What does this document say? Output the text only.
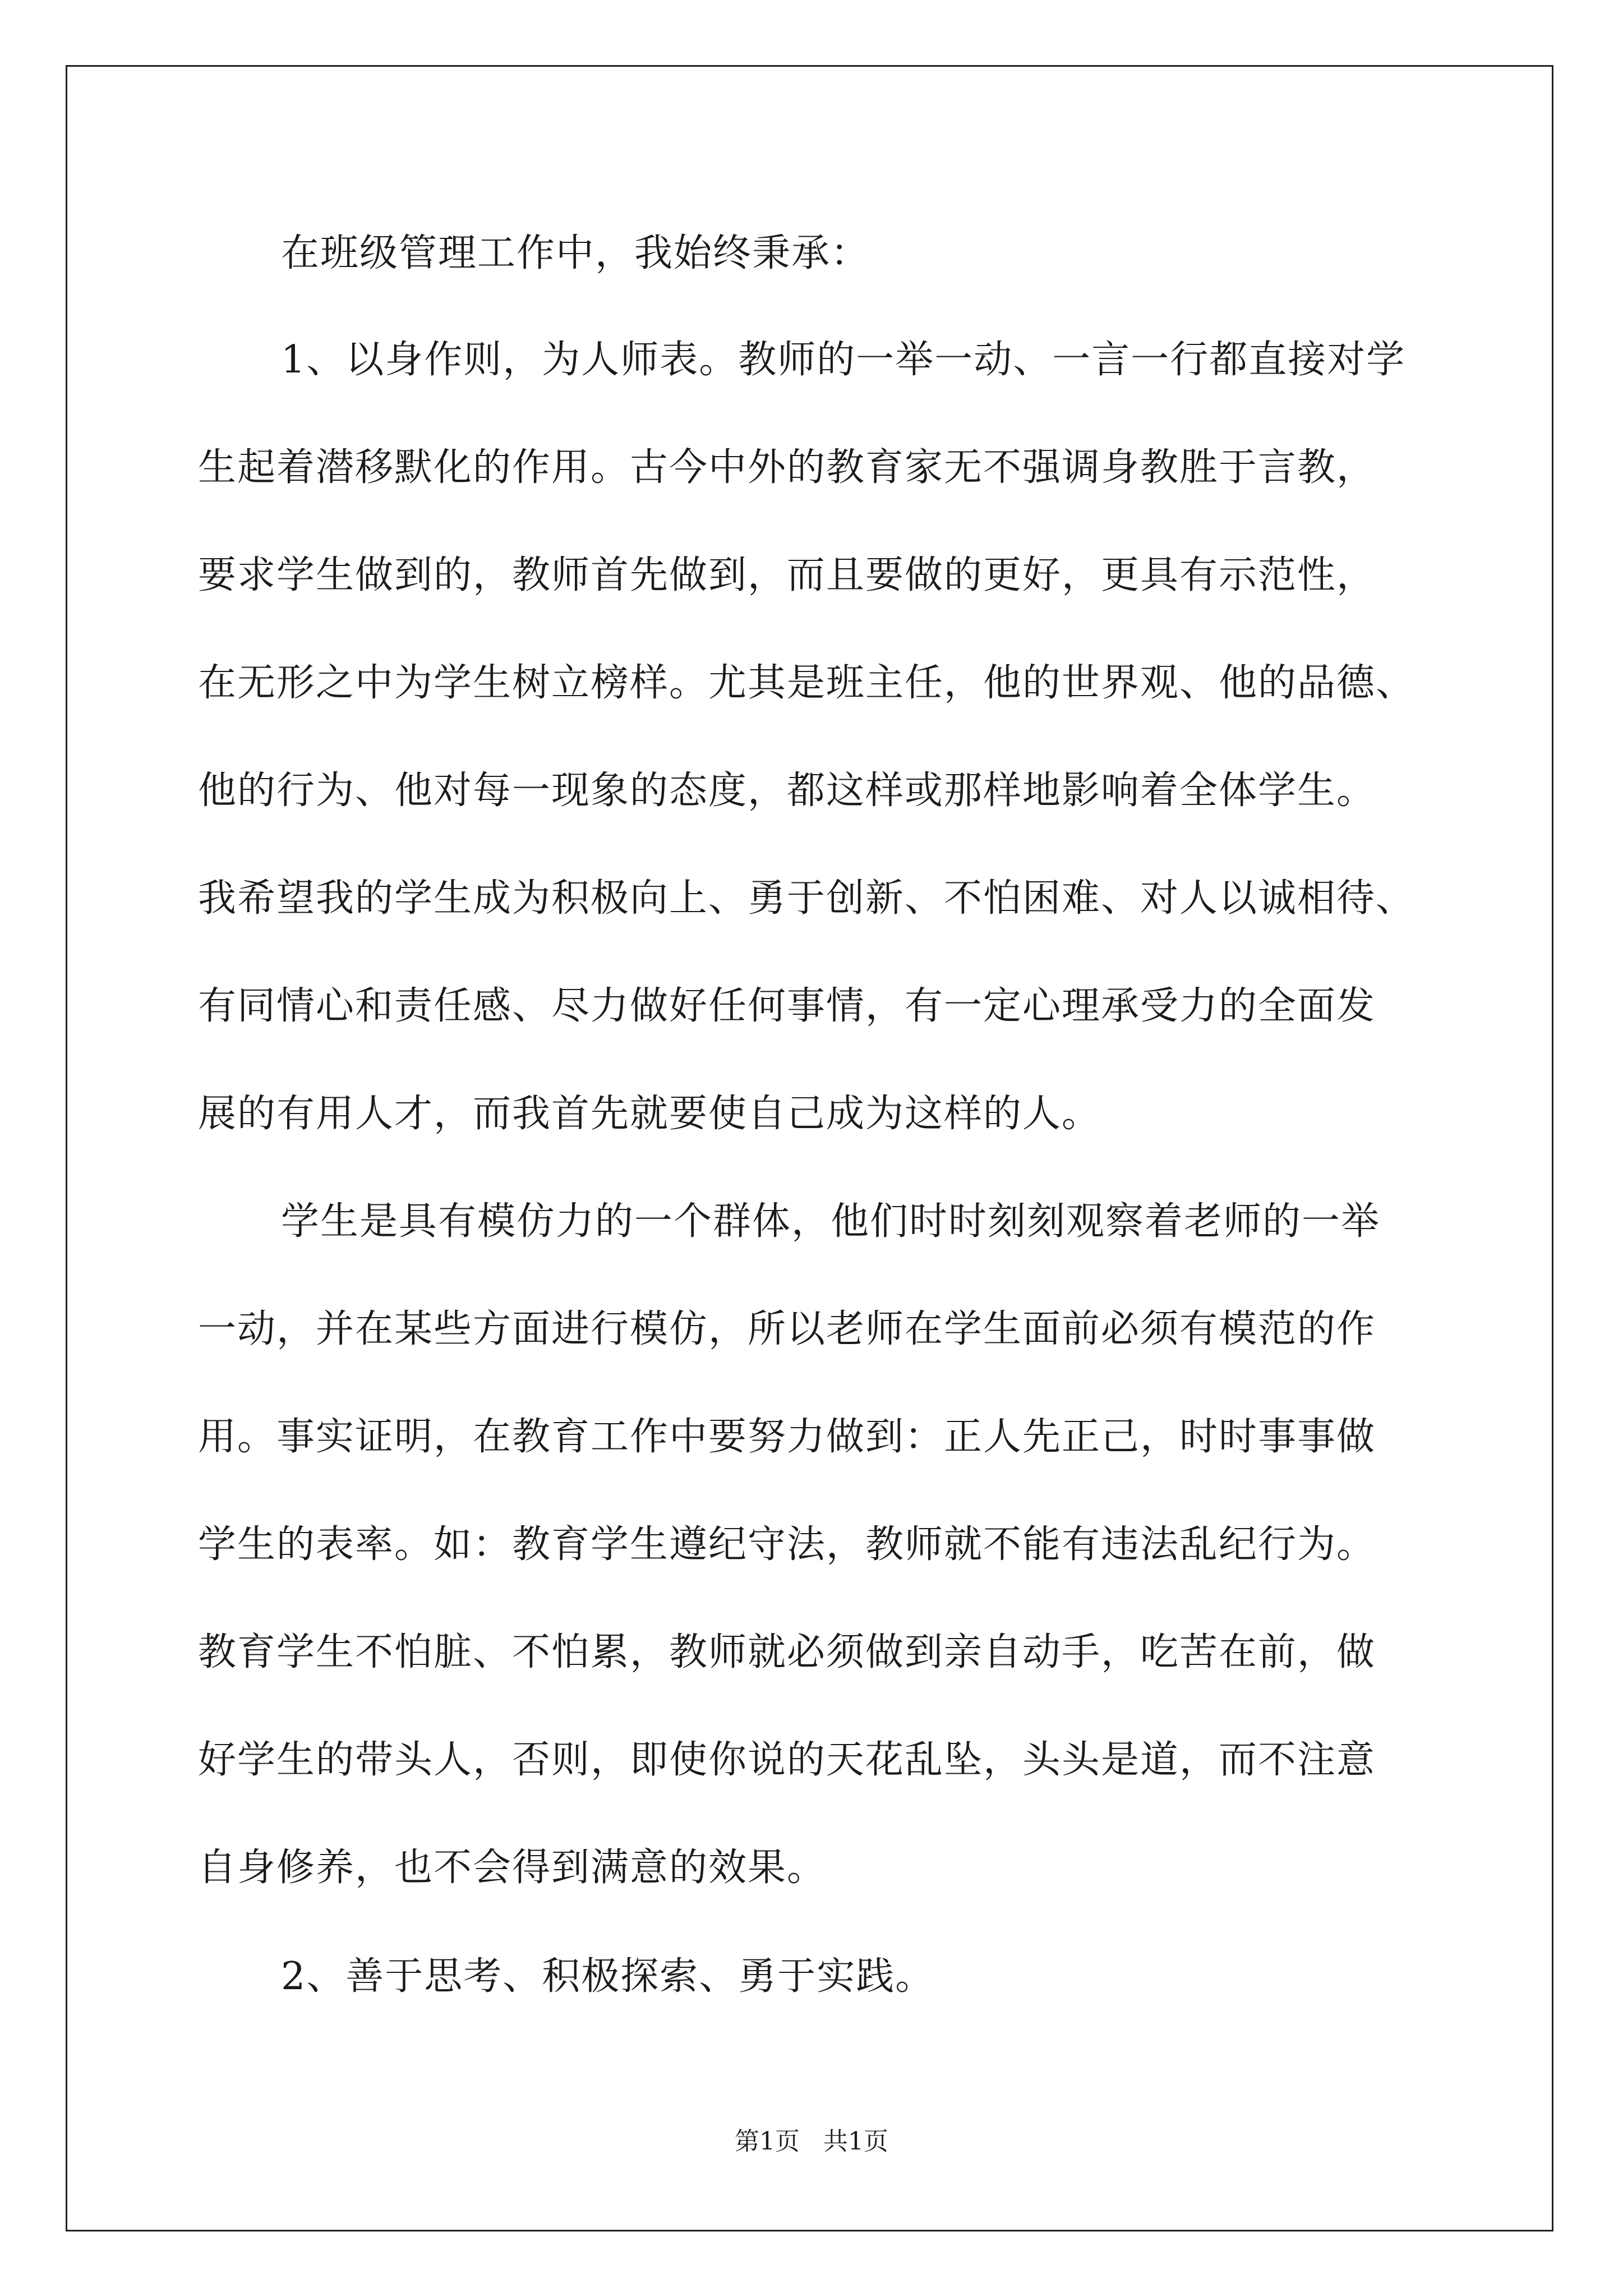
在班级管理工作中，我始终秉承：
1、以身作则，为人师表。教师的一举一动、一言一行都直接对学
生起着潜移默化的作用。古今中外的教育家无不强调身教胜于言教，
要求学生做到的，教师首先做到，而且要做的更好，更具有示范性，
在无形之中为学生树立榜样。尤其是班主任，他的世界观、他的品德、
他的行为、他对每一现象的态度，都这样或那样地影响着全体学生。
我希望我的学生成为积极向上、勇于创新、不怕困难、对人以诚相待、
有同情心和责任感、尽力做好任何事情，有一定心理承受力的全面发
展的有用人才，而我首先就要使自己成为这样的人。
学生是具有模仿力的一个群体，他们时时刻刻观察着老师的一举
一动，并在某些方面进行模仿，所以老师在学生面前必须有模范的作
用。事实证明，在教育工作中要努力做到：正人先正己，时时事事做
学生的表率。如：教育学生遵纪守法，教师就不能有违法乱纪行为。
教育学生不怕脏、不怕累，教师就必须做到亲自动手，吃苦在前，做
好学生的带头人，否则，即使你说的天花乱坠，头头是道，而不注意
自身修养，也不会得到满意的效果。
2、善于思考、积极探索、勇于实践。
第1页   共1页
